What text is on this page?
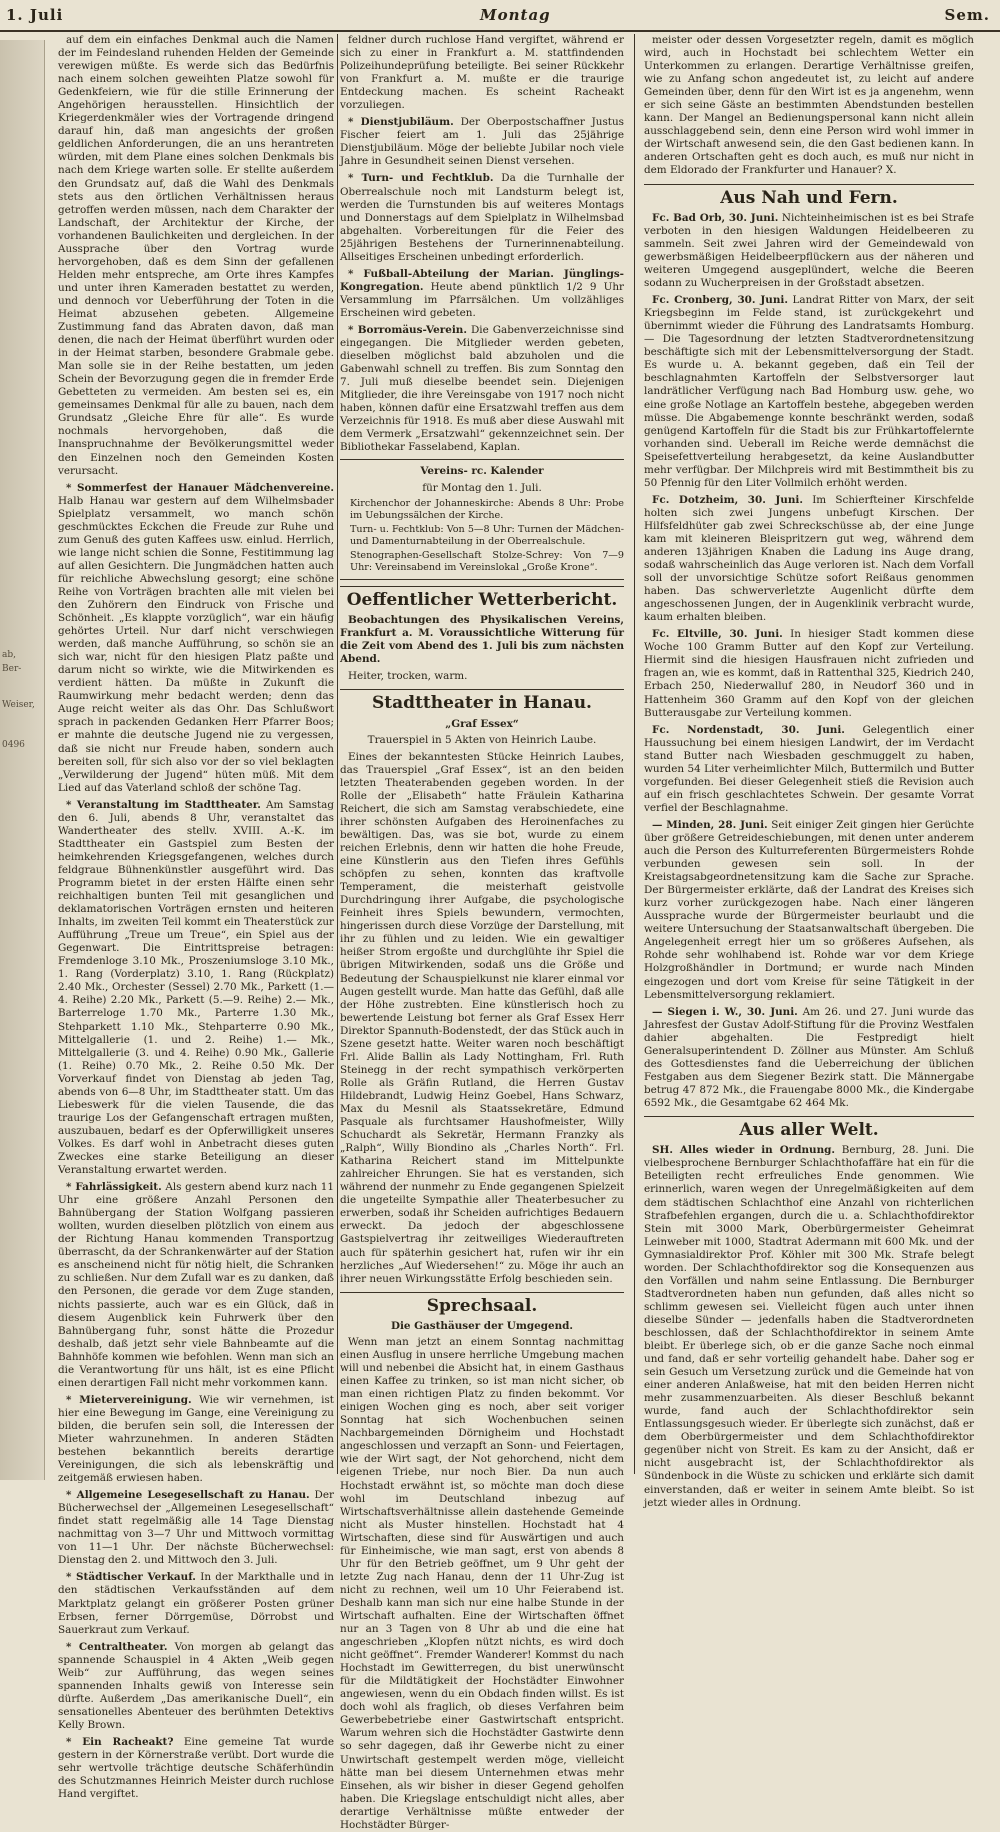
1. Juli	Montag	Sem.
ab,
Ber-
Weiser,
0496

auf dem ein einfaches Denkmal auch die Namen der im Feindesland ruhenden Helden der Gemeinde verewigen müßte. Es werde sich das Bedürfnis nach einem solchen geweihten Platze sowohl für Gedenkfeiern, wie für die stille Erinnerung der Angehörigen herausstellen. Hinsichtlich der Kriegerdenkmäler wies der Vortragende dringend darauf hin, daß man angesichts der großen geldlichen Anforderungen, die an uns herantreten würden, mit dem Plane eines solchen Denkmals bis nach dem Kriege warten solle. Er stellte außerdem den Grundsatz auf, daß die Wahl des Denkmals stets aus den örtlichen Verhältnissen heraus getroffen werden müssen, nach dem Charakter der Landschaft, der Architektur der Kirche, der vorhandenen Baulichkeiten und dergleichen. In der Aussprache über den Vortrag wurde hervorgehoben, daß es dem Sinn der gefallenen Helden mehr entspreche, am Orte ihres Kampfes und unter ihren Kameraden bestattet zu werden, und dennoch vor Ueberführung der Toten in die Heimat abzusehen gebeten. Allgemeine Zustimmung fand das Abraten davon, daß man denen, die nach der Heimat überführt wurden oder in der Heimat starben, besondere Grabmale gebe. Man solle sie in der Reihe bestatten, um jeden Schein der Bevorzugung gegen die in fremder Erde Gebetteten zu vermeiden. Am besten sei es, ein gemeinsames Denkmal für alle zu bauen, nach dem Grundsatz „Gleiche Ehre für alle“. Es wurde nochmals hervorgehoben, daß die Inanspruchnahme der Bevölkerungsmittel weder den Einzelnen noch den Gemeinden Kosten verursacht.

* Sommerfest der Hanauer Mädchenvereine. Halb Hanau war gestern auf dem Wilhelmsbader Spielplatz versammelt, wo manch schön geschmücktes Eckchen die Freude zur Ruhe und zum Genuß des guten Kaffees usw. einlud. Herrlich, wie lange nicht schien die Sonne, Festitimmung lag auf allen Gesichtern. Die Jungmädchen hatten auch für reichliche Abwechslung gesorgt; eine schöne Reihe von Vorträgen brachten alle mit vielen bei den Zuhörern den Eindruck von Frische und Schönheit. „Es klappte vorzüglich“, war ein häufig gehörtes Urteil. Nur darf nicht verschwiegen werden, daß manche Aufführung, so schön sie an sich war, nicht für den hiesigen Platz paßte und darum nicht so wirkte, wie die Mitwirkenden es verdient hätten. Da müßte in Zukunft die Raumwirkung mehr bedacht werden; denn das Auge reicht weiter als das Ohr. Das Schlußwort sprach in packenden Gedanken Herr Pfarrer Boos; er mahnte die deutsche Jugend nie zu vergessen, daß sie nicht nur Freude haben, sondern auch bereiten soll, für sich also vor der so viel beklagten „Verwilderung der Jugend“ hüten müß. Mit dem Lied auf das Vaterland schloß der schöne Tag.

* Veranstaltung im Stadttheater. Am Samstag den 6. Juli, abends 8 Uhr, veranstaltet das Wandertheater des stellv. XVIII. A.-K. im Stadttheater ein Gastspiel zum Besten der heimkehrenden Kriegsgefangenen, welches durch feldgraue Bühnenkünstler ausgeführt wird. Das Programm bietet in der ersten Hälfte einen sehr reichhaltigen bunten Teil mit gesanglichen und deklamatorischen Vorträgen ernsten und heiteren Inhalts, im zweiten Teil kommt ein Theaterstück zur Aufführung „Treue um Treue“, ein Spiel aus der Gegenwart. Die Eintrittspreise betragen: Fremdenloge 3.10 Mk., Proszeniumsloge 3.10 Mk., 1. Rang (Vorderplatz) 3.10, 1. Rang (Rückplatz) 2.40 Mk., Orchester (Sessel) 2.70 Mk., Parkett (1.—4. Reihe) 2.20 Mk., Parkett (5.—9. Reihe) 2.— Mk., Barterreloge 1.70 Mk., Parterre 1.30 Mk., Stehparkett 1.10 Mk., Stehparterre 0.90 Mk., Mittelgallerie (1. und 2. Reihe) 1.— Mk., Mittelgallerie (3. und 4. Reihe) 0.90 Mk., Gallerie (1. Reihe) 0.70 Mk., 2. Reihe 0.50 Mk. Der Vorverkauf findet von Dienstag ab jeden Tag, abends von 6—8 Uhr, im Stadttheater statt. Um das Liebeswerk für die vielen Tausende, die das traurige Los der Gefangenschaft ertragen mußten, auszubauen, bedarf es der Opferwilligkeit unseres Volkes. Es darf wohl in Anbetracht dieses guten Zweckes eine starke Beteiligung an dieser Veranstaltung erwartet werden.

* Fahrlässigkeit. Als gestern abend kurz nach 11 Uhr eine größere Anzahl Personen den Bahnübergang der Station Wolfgang passieren wollten, wurden dieselben plötzlich von einem aus der Richtung Hanau kommenden Transportzug überrascht, da der Schrankenwärter auf der Station es anscheinend nicht für nötig hielt, die Schranken zu schließen. Nur dem Zufall war es zu danken, daß den Personen, die gerade vor dem Zuge standen, nichts passierte, auch war es ein Glück, daß in diesem Augenblick kein Fuhrwerk über den Bahnübergang fuhr, sonst hätte die Prozedur deshalb, daß jetzt sehr viele Bahnbeamte auf die Bahnhöfe kommen wie befohlen. Wenn man sich an die Verantwortung für uns hält, ist es eine Pflicht einen derartigen Fall nicht mehr vorkommen kann.

* Mietervereinigung. Wie wir vernehmen, ist hier eine Bewegung im Gange, eine Vereinigung zu bilden, die berufen sein soll, die Interessen der Mieter wahrzunehmen. In anderen Städten bestehen bekanntlich bereits derartige Vereinigungen, die sich als lebenskräftig und zeitgemäß erwiesen haben.

* Allgemeine Lesegesellschaft zu Hanau. Der Bücherwechsel der „Allgemeinen Lesegesellschaft“ findet statt regelmäßig alle 14 Tage Dienstag nachmittag von 3—7 Uhr und Mittwoch vormittag von 11—1 Uhr. Der nächste Bücherwechsel: Dienstag den 2. und Mittwoch den 3. Juli.

* Städtischer Verkauf. In der Markthalle und in den städtischen Verkaufsständen auf dem Marktplatz gelangt ein größerer Posten grüner Erbsen, ferner Dörrgemüse, Dörrobst und Sauerkraut zum Verkauf.

* Centraltheater. Von morgen ab gelangt das spannende Schauspiel in 4 Akten „Weib gegen Weib“ zur Aufführung, das wegen seines spannenden Inhalts gewiß von Interesse sein dürfte. Außerdem „Das amerikanische Duell“, ein sensationelles Abenteuer des berühmten Detektivs Kelly Brown.

* Ein Racheakt? Eine gemeine Tat wurde gestern in der Körnerstraße verübt. Dort wurde die sehr wertvolle trächtige deutsche Schäferhündin des Schutzmannes Heinrich Meister durch ruchlose Hand vergiftet.

feldner durch ruchlose Hand vergiftet, während er sich zu einer in Frankfurt a. M. stattfindenden Polizeihundeprüfung beteiligte. Bei seiner Rückkehr von Frankfurt a. M. mußte er die traurige Entdeckung machen. Es scheint Racheakt vorzuliegen.

* Dienstjubiläum. Der Oberpostschaffner Justus Fischer feiert am 1. Juli das 25jährige Dienstjubiläum. Möge der beliebte Jubilar noch viele Jahre in Gesundheit seinen Dienst versehen.

* Turn- und Fechtklub. Da die Turnhalle der Oberrealschule noch mit Landsturm belegt ist, werden die Turnstunden bis auf weiteres Montags und Donnerstags auf dem Spielplatz in Wilhelmsbad abgehalten. Vorbereitungen für die Feier des 25jährigen Bestehens der Turnerinnenabteilung. Allseitiges Erscheinen unbedingt erforderlich.

* Fußball-Abteilung der Marian. Jünglings-Kongregation. Heute abend pünktlich 1/2 9 Uhr Versammlung im Pfarrsälchen. Um vollzähliges Erscheinen wird gebeten.

* Borromäus-Verein. Die Gabenverzeichnisse sind eingegangen. Die Mitglieder werden gebeten, dieselben möglichst bald abzuholen und die Gabenwahl schnell zu treffen. Bis zum Sonntag den 7. Juli muß dieselbe beendet sein. Diejenigen Mitglieder, die ihre Vereinsgabe von 1917 noch nicht haben, können dafür eine Ersatzwahl treffen aus dem Verzeichnis für 1918. Es muß aber diese Auswahl mit dem Vermerk „Ersatzwahl“ gekennzeichnet sein. Der Bibliothekar Fasselabend, Kaplan.

Vereins- rc. Kalender
für Montag den 1. Juli.

Kirchenchor der Johanneskirche: Abends 8 Uhr: Probe im Uebungssälchen der Kirche.

Turn- u. Fechtklub: Von 5—8 Uhr: Turnen der Mädchen- und Damenturnabteilung in der Oberrealschule.

Stenographen-Gesellschaft Stolze-Schrey: Von 7—9 Uhr: Vereinsabend im Vereinslokal „Große Krone“.

Oeffentlicher Wetterbericht.

Beobachtungen des Physikalischen Vereins, Frankfurt a. M. Voraussichtliche Witterung für die Zeit vom Abend des 1. Juli bis zum nächsten Abend.

Heiter, trocken, warm.

Stadttheater in Hanau.
„Graf Essex“

Trauerspiel in 5 Akten von Heinrich Laube.

Eines der bekanntesten Stücke Heinrich Laubes, das Trauerspiel „Graf Essex“, ist an den beiden letzten Theaterabenden gegeben worden. In der Rolle der „Elisabeth“ hatte Fräulein Katharina Reichert, die sich am Samstag verabschiedete, eine ihrer schönsten Aufgaben des Heroinenfaches zu bewältigen. Das, was sie bot, wurde zu einem reichen Erlebnis, denn wir hatten die hohe Freude, eine Künstlerin aus den Tiefen ihres Gefühls schöpfen zu sehen, konnten das kraftvolle Temperament, die meisterhaft geistvolle Durchdringung ihrer Aufgabe, die psychologische Feinheit ihres Spiels bewundern, vermochten, hingerissen durch diese Vorzüge der Darstellung, mit ihr zu fühlen und zu leiden. Wie ein gewaltiger heißer Strom ergoßte und durchglühte ihr Spiel die übrigen Mitwirkenden, sodaß uns die Größe und Bedeutung der Schauspielkunst nie klarer einmal vor Augen gestellt wurde. Man hatte das Gefühl, daß alle der Höhe zustrebten. Eine künstlerisch hoch zu bewertende Leistung bot ferner als Graf Essex Herr Direktor Spannuth-Bodenstedt, der das Stück auch in Szene gesetzt hatte. Weiter waren noch beschäftigt Frl. Alide Ballin als Lady Nottingham, Frl. Ruth Steinegg in der recht sympathisch verkörperten Rolle als Gräfin Rutland, die Herren Gustav Hildebrandt, Ludwig Heinz Goebel, Hans Schwarz, Max du Mesnil als Staatssekretäre, Edmund Pasquale als furchtsamer Haushofmeister, Willy Schuchardt als Sekretär, Hermann Franzky als „Ralph“, Willy Biondino als „Charles North“. Frl. Katharina Reichert stand im Mittelpunkte zahlreicher Ehrungen. Sie hat es verstanden, sich während der nunmehr zu Ende gegangenen Spielzeit die ungeteilte Sympathie aller Theaterbesucher zu erwerben, sodaß ihr Scheiden aufrichtiges Bedauern erweckt. Da jedoch der abgeschlossene Gastspielvertrag ihr zeitweiliges Wiederauftreten auch für späterhin gesichert hat, rufen wir ihr ein herzliches „Auf Wiedersehen!“ zu. Möge ihr auch an ihrer neuen Wirkungsstätte Erfolg beschieden sein.

Sprechsaal.
Die Gasthäuser der Umgegend.

Wenn man jetzt an einem Sonntag nachmittag einen Ausflug in unsere herrliche Umgebung machen will und nebenbei die Absicht hat, in einem Gasthaus einen Kaffee zu trinken, so ist man nicht sicher, ob man einen richtigen Platz zu finden bekommt. Vor einigen Wochen ging es noch, aber seit voriger Sonntag hat sich Wochenbuchen seinen Nachbargemeinden Dörnigheim und Hochstadt angeschlossen und verzapft an Sonn- und Feiertagen, wie der Wirt sagt, der Not gehorchend, nicht dem eigenen Triebe, nur noch Bier. Da nun auch Hochstadt erwähnt ist, so möchte man doch diese wohl im Deutschland inbezug auf Wirtschaftsverhältnisse allein dastehende Gemeinde nicht als Muster hinstellen. Hochstadt hat 4 Wirtschaften, diese sind für Auswärtigen und auch für Einheimische, wie man sagt, erst von abends 8 Uhr für den Betrieb geöffnet, um 9 Uhr geht der letzte Zug nach Hanau, denn der 11 Uhr-Zug ist nicht zu rechnen, weil um 10 Uhr Feierabend ist. Deshalb kann man sich nur eine halbe Stunde in der Wirtschaft aufhalten. Eine der Wirtschaften öffnet nur an 3 Tagen von 8 Uhr ab und die eine hat angeschrieben „Klopfen nützt nichts, es wird doch nicht geöffnet“. Fremder Wanderer! Kommst du nach Hochstadt im Gewitterregen, du bist unerwünscht für die Mildtätigkeit der Hochstädter Einwohner angewiesen, wenn du ein Obdach finden willst. Es ist doch wohl als fraglich, ob dieses Verfahren beim Gewerbebetriebe einer Gastwirtschaft entspricht. Warum wehren sich die Hochstädter Gastwirte denn so sehr dagegen, daß ihr Gewerbe nicht zu einer Unwirtschaft gestempelt werden möge, vielleicht hätte man bei diesem Unternehmen etwas mehr Einsehen, als wir bisher in dieser Gegend geholfen haben. Die Kriegslage entschuldigt nicht alles, aber derartige Verhältnisse müßte entweder der Hochstädter Bürger-

meister oder dessen Vorgesetzter regeln, damit es möglich wird, auch in Hochstadt bei schlechtem Wetter ein Unterkommen zu erlangen. Derartige Verhältnisse greifen, wie zu Anfang schon angedeutet ist, zu leicht auf andere Gemeinden über, denn für den Wirt ist es ja angenehm, wenn er sich seine Gäste an bestimmten Abendstunden bestellen kann. Der Mangel an Bedienungspersonal kann nicht allein ausschlaggebend sein, denn eine Person wird wohl immer in der Wirtschaft anwesend sein, die den Gast bedienen kann. In anderen Ortschaften geht es doch auch, es muß nur nicht in dem Eldorado der Frankfurter und Hanauer? X.

Aus Nah und Fern.

Fc. Bad Orb, 30. Juni. Nichteinheimischen ist es bei Strafe verboten in den hiesigen Waldungen Heidelbeeren zu sammeln. Seit zwei Jahren wird der Gemeindewald von gewerbsmäßigen Heidelbeerpflückern aus der näheren und weiteren Umgegend ausgeplündert, welche die Beeren sodann zu Wucherpreisen in der Großstadt absetzen.

Fc. Cronberg, 30. Juni. Landrat Ritter von Marx, der seit Kriegsbeginn im Felde stand, ist zurückgekehrt und übernimmt wieder die Führung des Landratsamts Homburg. — Die Tagesordnung der letzten Stadtverordnetensitzung beschäftigte sich mit der Lebensmittelversorgung der Stadt. Es wurde u. A. bekannt gegeben, daß ein Teil der beschlagnahmten Kartoffeln der Selbstversorger laut landrätlicher Verfügung nach Bad Homburg usw. gehe, wo eine große Notlage an Kartoffeln bestehe, abgegeben werden müsse. Die Abgabemenge konnte beschränkt werden, sodaß genügend Kartoffeln für die Stadt bis zur Frühkartoffelernte vorhanden sind. Ueberall im Reiche werde demnächst die Speisefettverteilung herabgesetzt, da keine Auslandbutter mehr verfügbar. Der Milchpreis wird mit Bestimmtheit bis zu 50 Pfennig für den Liter Vollmilch erhöht werden.

Fc. Dotzheim, 30. Juni. Im Schierfteiner Kirschfelde holten sich zwei Jungens unbefugt Kirschen. Der Hilfsfeldhüter gab zwei Schreckschüsse ab, der eine Junge kam mit kleineren Bleispritzern gut weg, während dem anderen 13jährigen Knaben die Ladung ins Auge drang, sodaß wahrscheinlich das Auge verloren ist. Nach dem Vorfall soll der unvorsichtige Schütze sofort Reißaus genommen haben. Das schwerverletzte Augenlicht dürfte dem angeschossenen Jungen, der in Augenklinik verbracht wurde, kaum erhalten bleiben.

Fc. Eltville, 30. Juni. In hiesiger Stadt kommen diese Woche 100 Gramm Butter auf den Kopf zur Verteilung. Hiermit sind die hiesigen Hausfrauen nicht zufrieden und fragen an, wie es kommt, daß in Rattenthal 325, Kiedrich 240, Erbach 250, Niederwalluf 280, in Neudorf 360 und in Hattenheim 360 Gramm auf den Kopf von der gleichen Butterausgabe zur Verteilung kommen.

Fc. Nordenstadt, 30. Juni. Gelegentlich einer Haussuchung bei einem hiesigen Landwirt, der im Verdacht stand Butter nach Wiesbaden geschmuggelt zu haben, wurden 54 Liter verheimlichter Milch, Buttermilch und Butter vorgefunden. Bei dieser Gelegenheit stieß die Revision auch auf ein frisch geschlachtetes Schwein. Der gesamte Vorrat verfiel der Beschlagnahme.

— Minden, 28. Juni. Seit einiger Zeit gingen hier Gerüchte über größere Getreideschiebungen, mit denen unter anderem auch die Person des Kulturreferenten Bürgermeisters Rohde verbunden gewesen sein soll. In der Kreistagsabgeordnetensitzung kam die Sache zur Sprache. Der Bürgermeister erklärte, daß der Landrat des Kreises sich kurz vorher zurückgezogen habe. Nach einer längeren Aussprache wurde der Bürgermeister beurlaubt und die weitere Untersuchung der Staatsanwaltschaft übergeben. Die Angelegenheit erregt hier um so größeres Aufsehen, als Rohde sehr wohlhabend ist. Rohde war vor dem Kriege Holzgroßhändler in Dortmund; er wurde nach Minden eingezogen und dort vom Kreise für seine Tätigkeit in der Lebensmittelversorgung reklamiert.

— Siegen i. W., 30. Juni. Am 26. und 27. Juni wurde das Jahresfest der Gustav Adolf-Stiftung für die Provinz Westfalen dahier abgehalten. Die Festpredigt hielt Generalsuperintendent D. Zöllner aus Münster. Am Schluß des Gottesdienstes fand die Ueberreichung der üblichen Festgaben aus dem Siegener Bezirk statt. Die Männergabe betrug 47 872 Mk., die Frauengabe 8000 Mk., die Kindergabe 6592 Mk., die Gesamtgabe 62 464 Mk.

Aus aller Welt.

SH. Alles wieder in Ordnung. Bernburg, 28. Juni. Die vielbesprochene Bernburger Schlachthofaffäre hat ein für die Beteiligten recht erfreuliches Ende genommen. Wie erinnerlich, waren wegen der Unregelmäßigkeiten auf dem dem städtischen Schlachthof eine Anzahl von richterlichen Strafbefehlen ergangen, durch die u. a. Schlachthofdirektor Stein mit 3000 Mark, Oberbürgermeister Geheimrat Leinweber mit 1000, Stadtrat Adermann mit 600 Mk. und der Gymnasialdirektor Prof. Köhler mit 300 Mk. Strafe belegt worden. Der Schlachthofdirektor sog die Konsequenzen aus den Vorfällen und nahm seine Entlassung. Die Bernburger Stadtverordneten haben nun gefunden, daß alles nicht so schlimm gewesen sei. Vielleicht fügen auch unter ihnen dieselbe Sünder — jedenfalls haben die Stadtverordneten beschlossen, daß der Schlachthofdirektor in seinem Amte bleibt. Er überlege sich, ob er die ganze Sache noch einmal und fand, daß er sehr vorteilig gehandelt habe. Daher sog er sein Gesuch um Versetzung zurück und die Gemeinde hat von einer anderen Anlaßweise, hat mit den beiden Herren nicht mehr zusammenzuarbeiten. Als dieser Beschluß bekannt wurde, fand auch der Schlachthofdirektor sein Entlassungsgesuch wieder. Er überlegte sich zunächst, daß er dem Oberbürgermeister und dem Schlachthofdirektor gegenüber nicht von Streit. Es kam zu der Ansicht, daß er nicht ausgebracht ist, der Schlachthofdirektor als Sündenbock in die Wüste zu schicken und erklärte sich damit einverstanden, daß er weiter in seinem Amte bleibt. So ist jetzt wieder alles in Ordnung.
